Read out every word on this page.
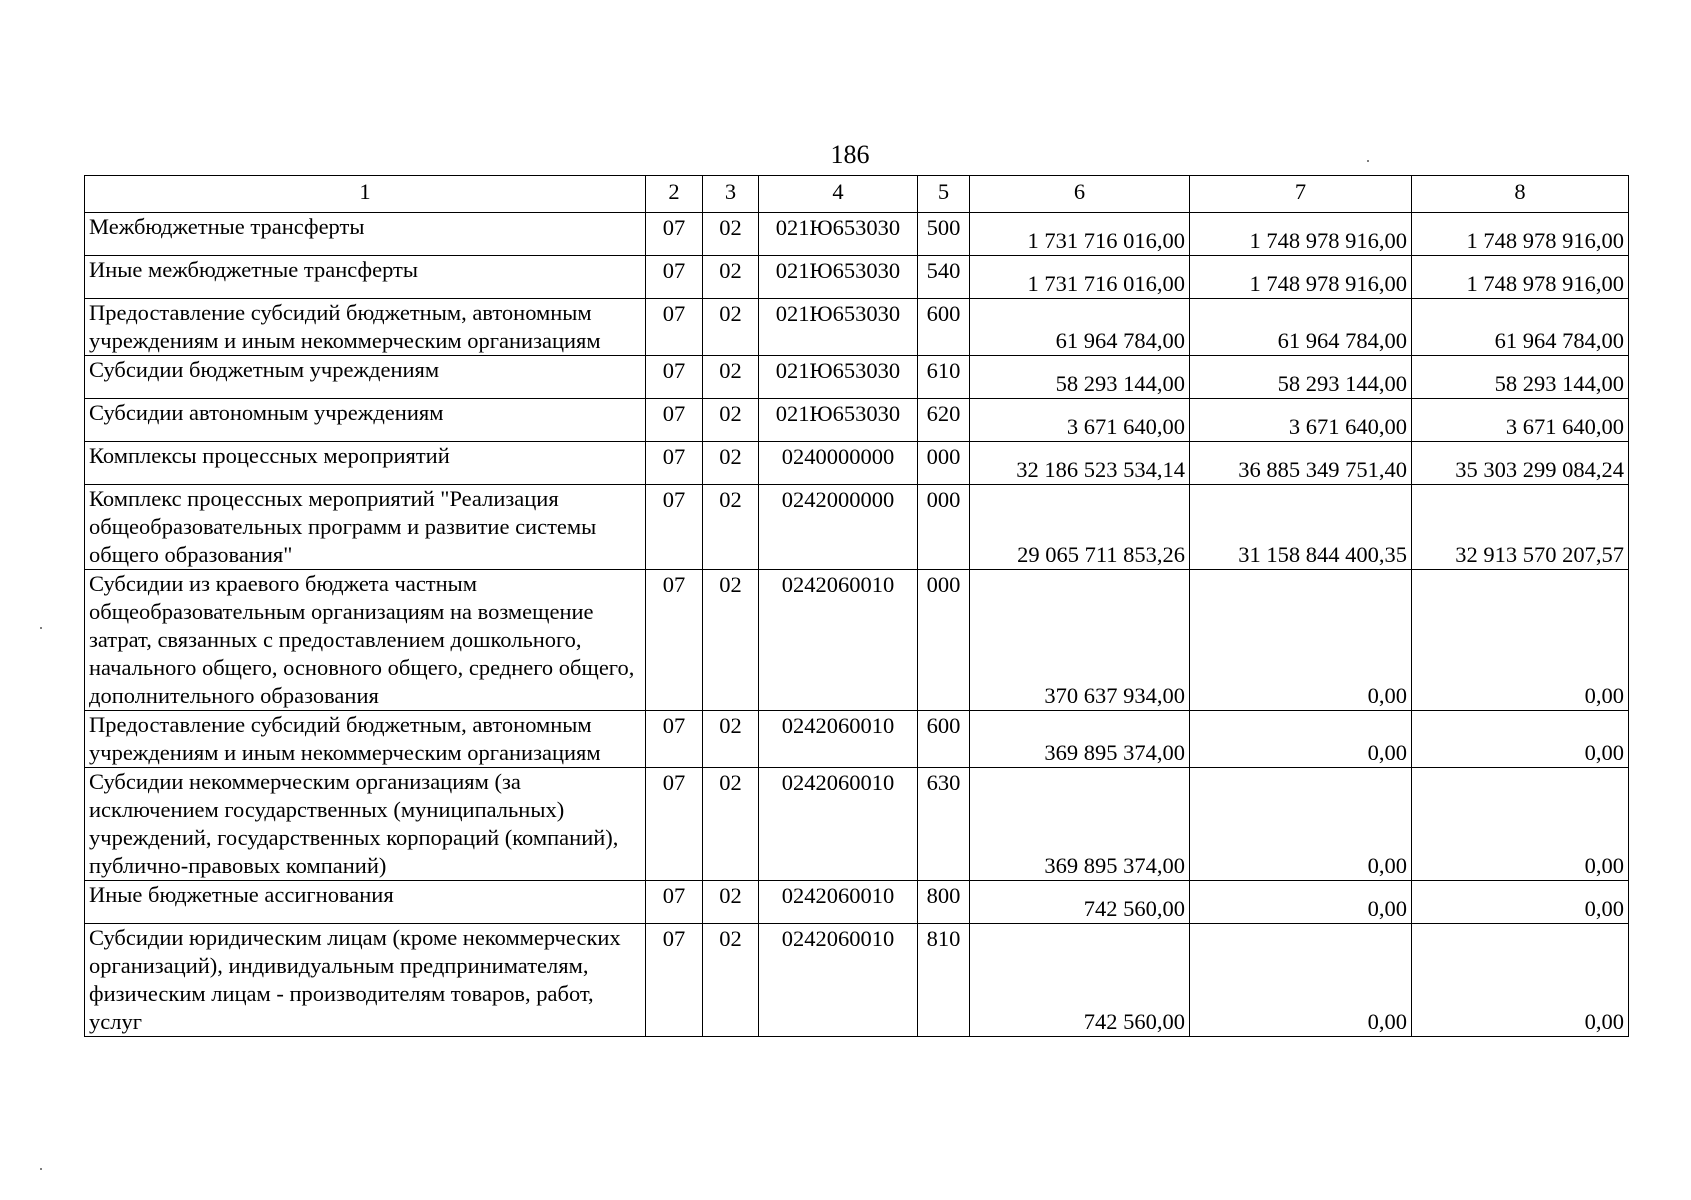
186
1	2	3	4	5	6	7	8
Межбюджетные трансферты	07	02	021Ю653030	500	1 731 716 016,00	1 748 978 916,00	1 748 978 916,00
Иные межбюджетные трансферты	07	02	021Ю653030	540	1 731 716 016,00	1 748 978 916,00	1 748 978 916,00
Предоставление субсидий бюджетным, автономным учреждениям и иным некоммерческим организациям	07	02	021Ю653030	600	61 964 784,00	61 964 784,00	61 964 784,00
Субсидии бюджетным учреждениям	07	02	021Ю653030	610	58 293 144,00	58 293 144,00	58 293 144,00
Субсидии автономным учреждениям	07	02	021Ю653030	620	3 671 640,00	3 671 640,00	3 671 640,00
Комплексы процессных мероприятий	07	02	0240000000	000	32 186 523 534,14	36 885 349 751,40	35 303 299 084,24
Комплекс процессных мероприятий "Реализация общеобразовательных программ и развитие системы общего образования"	07	02	0242000000	000	29 065 711 853,26	31 158 844 400,35	32 913 570 207,57
Субсидии из краевого бюджета частным общеобразовательным организациям на возмещение затрат, связанных с предоставлением дошкольного, начального общего, основного общего, среднего общего, дополнительного образования	07	02	0242060010	000	370 637 934,00	0,00	0,00
Предоставление субсидий бюджетным, автономным учреждениям и иным некоммерческим организациям	07	02	0242060010	600	369 895 374,00	0,00	0,00
Субсидии некоммерческим организациям (за исключением государственных (муниципальных) учреждений, государственных корпораций (компаний), публично-правовых компаний)	07	02	0242060010	630	369 895 374,00	0,00	0,00
Иные бюджетные ассигнования	07	02	0242060010	800	742 560,00	0,00	0,00
Субсидии юридическим лицам (кроме некоммерческих организаций), индивидуальным предпринимателям, физическим лицам - производителям товаров, работ, услуг	07	02	0242060010	810	742 560,00	0,00	0,00
